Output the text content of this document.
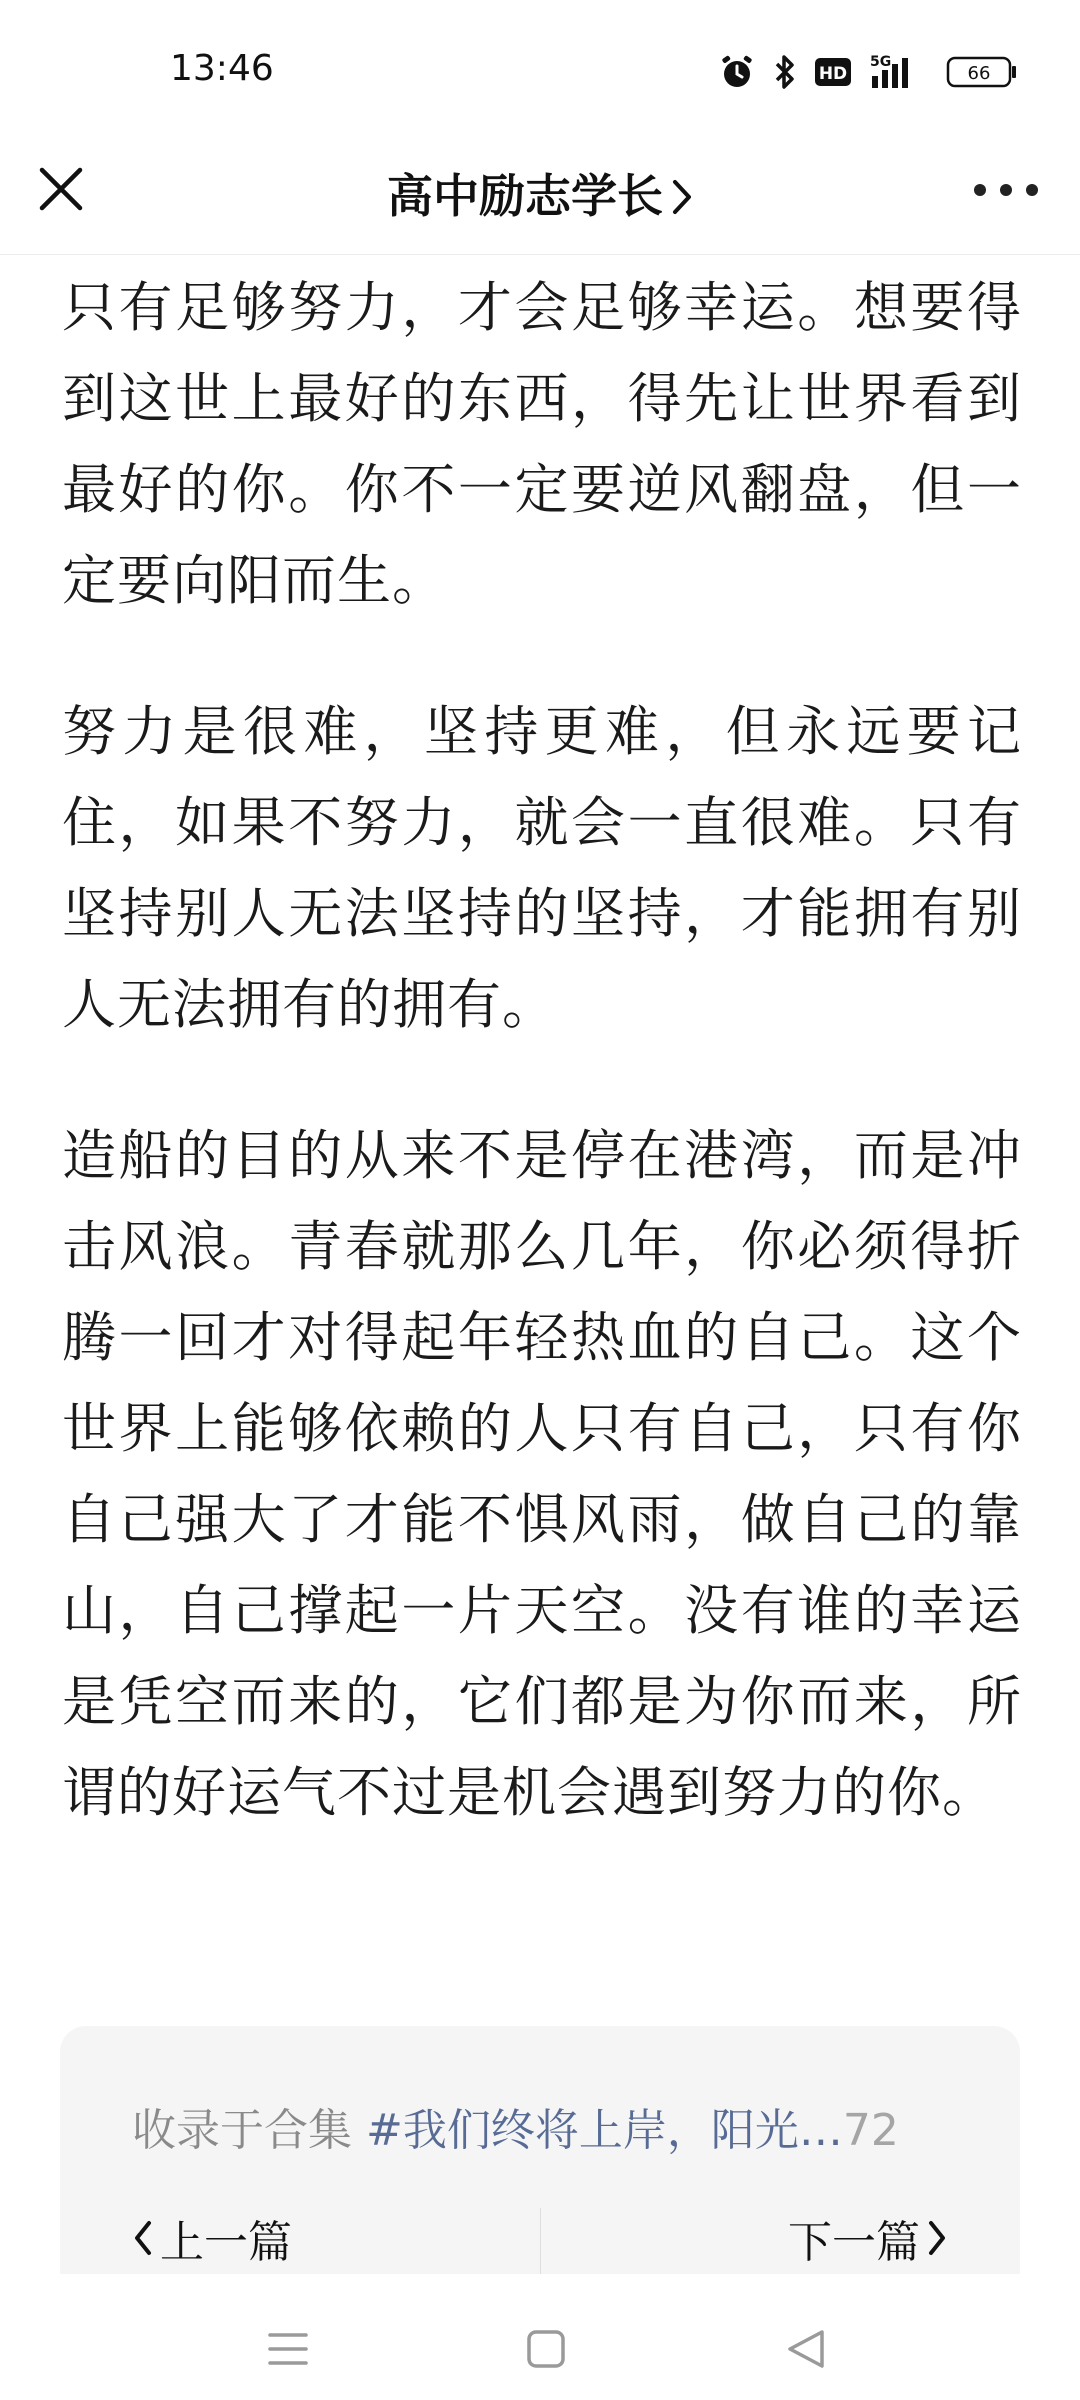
13:46	HD
5G
66
高中励志学长

只有足够努力，才会足够幸运。想要得到这世上最好的东西，得先让世界看到最好的你。你不一定要逆风翻盘，但一定要向阳而生。

努力是很难，坚持更难，但永远要记住，如果不努力，就会一直很难。只有坚持别人无法坚持的坚持，才能拥有别人无法拥有的拥有。

造船的目的从来不是停在港湾，而是冲击风浪。青春就那么几年，你必须得折腾一回才对得起年轻热血的自己。这个世界上能够依赖的人只有自己，只有你自己强大了才能不惧风雨，做自己的靠山，自己撑起一片天空。没有谁的幸运是凭空而来的，它们都是为你而来，所谓的好运气不过是机会遇到努力的你。

收录于合集 #我们终将上岸，阳光…72
上一篇	下一篇
